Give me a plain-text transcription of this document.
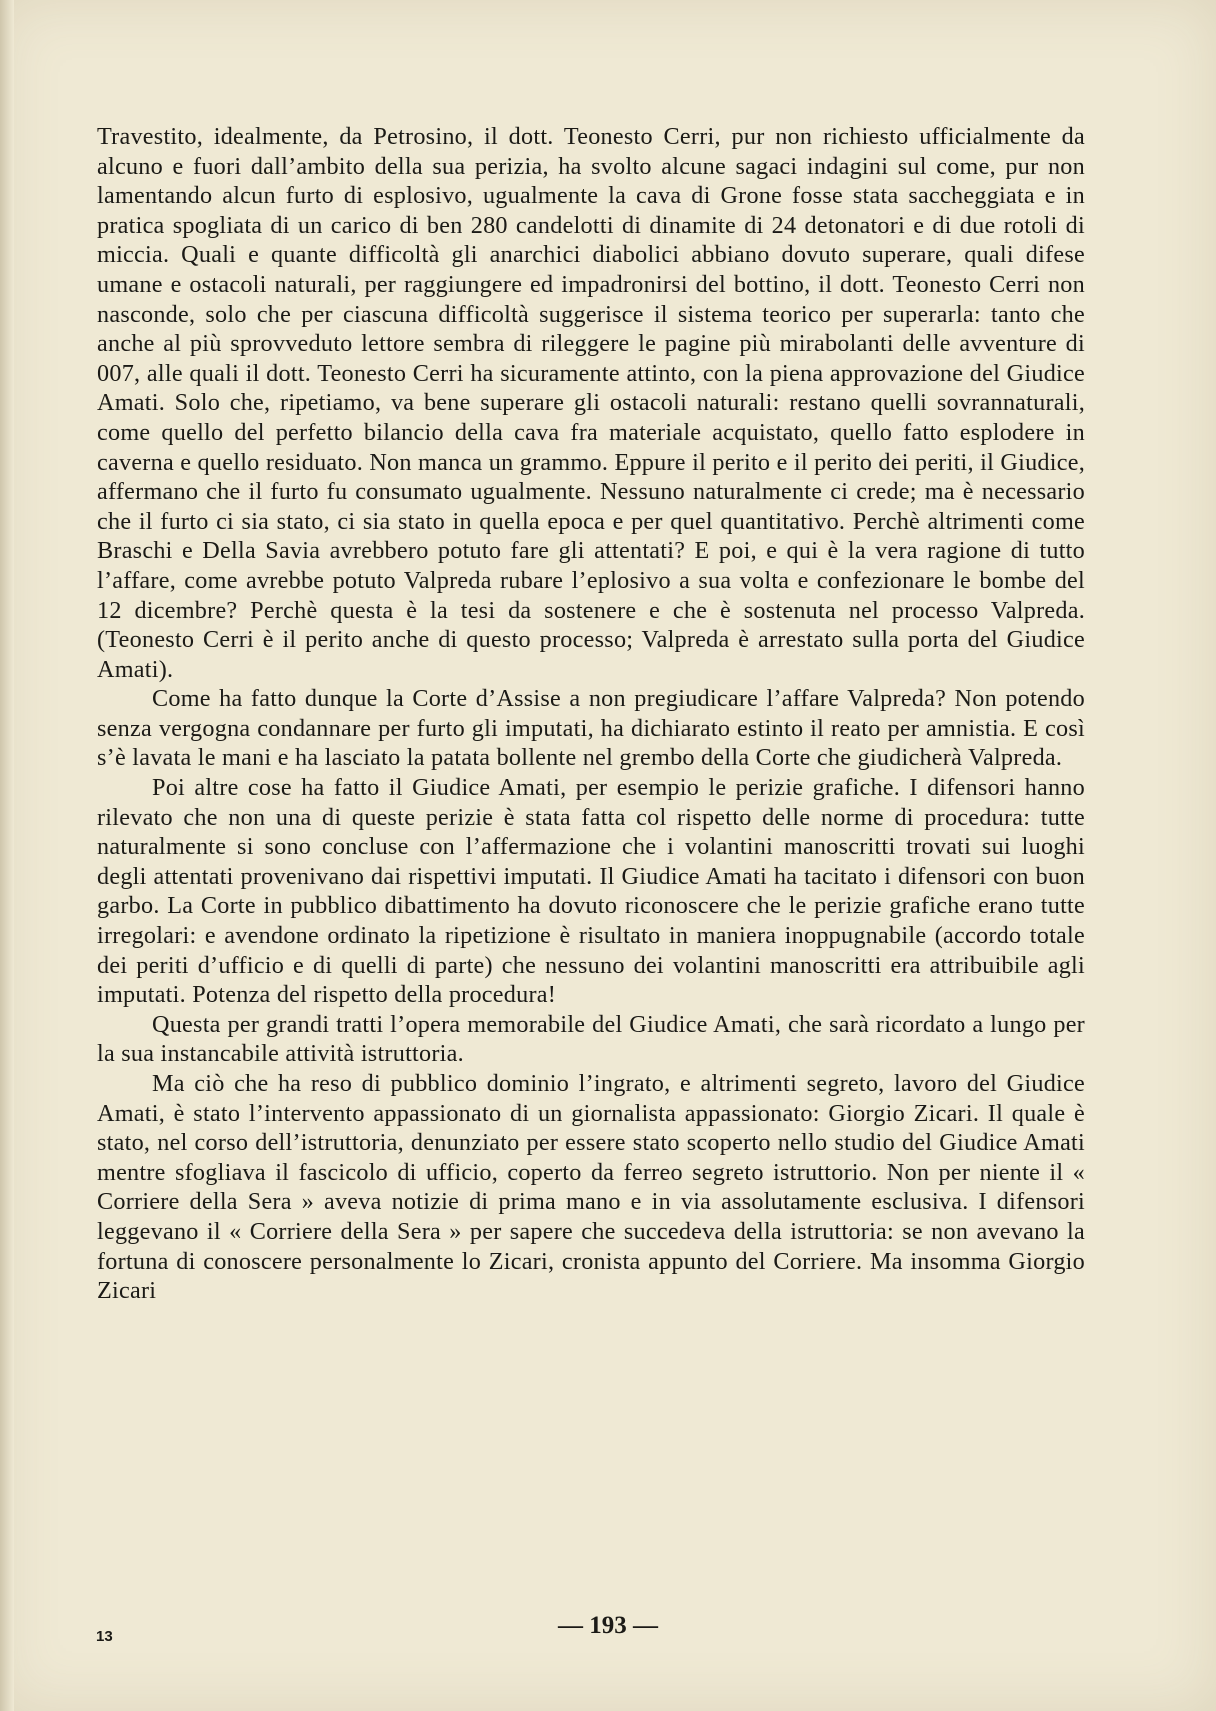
Travestito, idealmente, da Petrosino, il dott. Teonesto Cerri, pur non richiesto ufficialmente da alcuno e fuori dall’ambito della sua perizia, ha svolto alcune sagaci indagini sul come, pur non lamentando alcun furto di esplosivo, ugualmente la cava di Grone fosse stata saccheggiata e in pratica spogliata di un carico di ben 280 candelotti di dinamite di 24 detonatori e di due rotoli di miccia. Quali e quante difficoltà gli anarchici diabolici abbiano dovuto superare, quali difese umane e ostacoli naturali, per raggiungere ed impadronirsi del bottino, il dott. Teonesto Cerri non nasconde, solo che per ciascuna difficoltà suggerisce il sistema teorico per superarla: tanto che anche al più sprovveduto lettore sembra di rileggere le pagine più mirabolanti delle avventure di 007, alle quali il dott. Teonesto Cerri ha sicuramente attinto, con la piena approvazione del Giudice Amati. Solo che, ripetiamo, va bene superare gli ostacoli naturali: restano quelli sovrannaturali, come quello del perfetto bilancio della cava fra materiale acquistato, quello fatto esplodere in caverna e quello residuato. Non manca un grammo. Eppure il perito e il perito dei periti, il Giudice, affermano che il furto fu consumato ugualmente. Nessuno naturalmente ci crede; ma è necessario che il furto ci sia stato, ci sia stato in quella epoca e per quel quantitativo. Perchè altrimenti come Braschi e Della Savia avrebbero potuto fare gli attentati? E poi, e qui è la vera ragione di tutto l’affare, come avrebbe potuto Valpreda rubare l’eplosivo a sua volta e confezionare le bombe del 12 dicembre? Perchè questa è la tesi da sostenere e che è sostenuta nel processo Valpreda. (Teonesto Cerri è il perito anche di questo processo; Valpreda è arrestato sulla porta del Giudice Amati).

Come ha fatto dunque la Corte d’Assise a non pregiudicare l’affare Valpreda? Non potendo senza vergogna condannare per furto gli imputati, ha dichiarato estinto il reato per amnistia. E così s’è lavata le mani e ha lasciato la patata bollente nel grembo della Corte che giudicherà Valpreda.

Poi altre cose ha fatto il Giudice Amati, per esempio le perizie grafiche. I difensori hanno rilevato che non una di queste perizie è stata fatta col rispetto delle norme di procedura: tutte naturalmente si sono concluse con l’affermazione che i volantini manoscritti trovati sui luoghi degli attentati provenivano dai rispettivi imputati. Il Giudice Amati ha tacitato i difensori con buon garbo. La Corte in pubblico dibattimento ha dovuto riconoscere che le perizie grafiche erano tutte irregolari: e avendone ordinato la ripetizione è risultato in maniera inoppugnabile (accordo totale dei periti d’ufficio e di quelli di parte) che nessuno dei volantini manoscritti era attribuibile agli imputati. Potenza del rispetto della procedura!

Questa per grandi tratti l’opera memorabile del Giudice Amati, che sarà ricordato a lungo per la sua instancabile attività istruttoria.

Ma ciò che ha reso di pubblico dominio l’ingrato, e altrimenti segreto, lavoro del Giudice Amati, è stato l’intervento appassionato di un giornalista appassionato: Giorgio Zicari. Il quale è stato, nel corso dell’istruttoria, denunziato per essere stato scoperto nello studio del Giudice Amati mentre sfogliava il fascicolo di ufficio, coperto da ferreo segreto istruttorio. Non per niente il « Corriere della Sera » aveva notizie di prima mano e in via assolutamente esclusiva. I difensori leggevano il « Corriere della Sera » per sapere che succedeva della istruttoria: se non avevano la fortuna di conoscere personalmente lo Zicari, cronista appunto del Corriere. Ma insomma Giorgio Zicari

— 193 —
13
